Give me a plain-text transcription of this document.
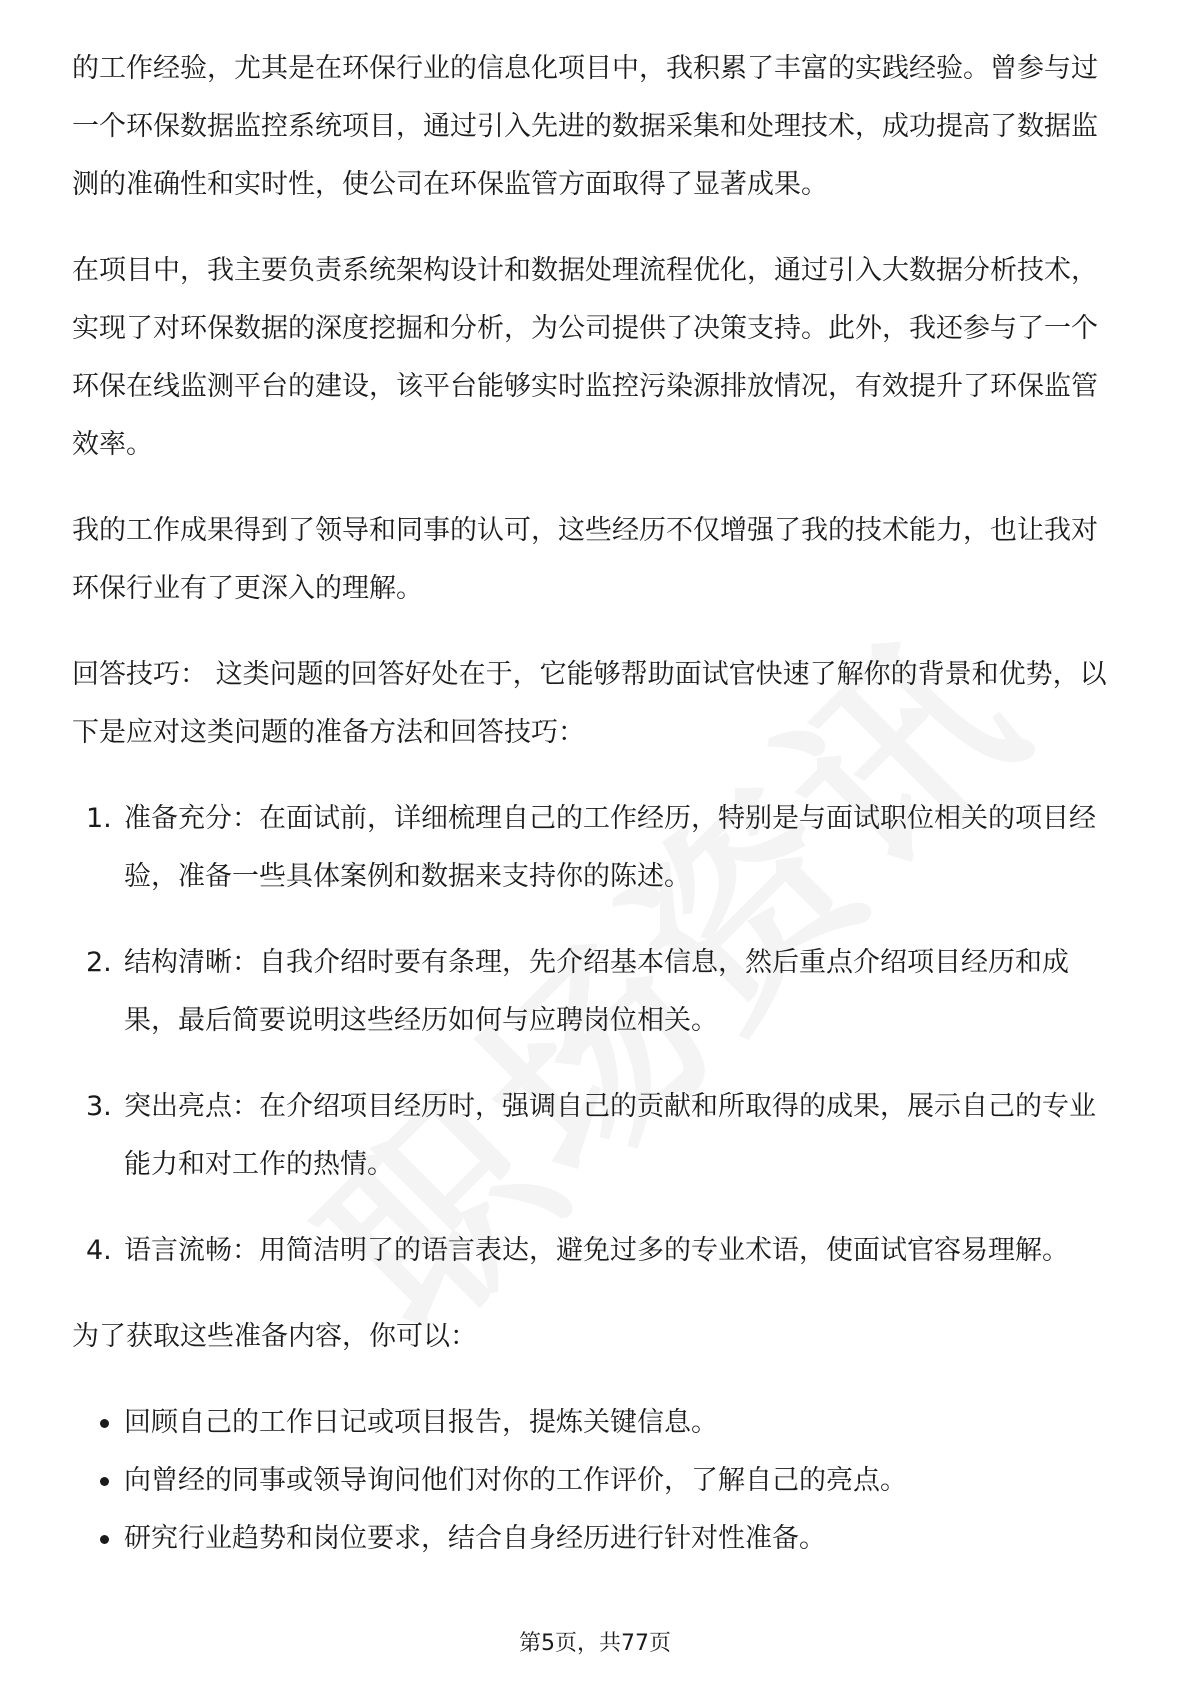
的工作经验，尤其是在环保行业的信息化项目中，我积累了丰富的实践经验。曾参与过一个环保数据监控系统项目，通过引入先进的数据采集和处理技术，成功提高了数据监测的准确性和实时性，使公司在环保监管方面取得了显著成果。

在项目中，我主要负责系统架构设计和数据处理流程优化，通过引入大数据分析技术，实现了对环保数据的深度挖掘和分析，为公司提供了决策支持。此外，我还参与了一个环保在线监测平台的建设，该平台能够实时监控污染源排放情况，有效提升了环保监管效率。

我的工作成果得到了领导和同事的认可，这些经历不仅增强了我的技术能力，也让我对环保行业有了更深入的理解。

回答技巧： 这类问题的回答好处在于，它能够帮助面试官快速了解你的背景和优势，以下是应对这类问题的准备方法和回答技巧：

1. 准备充分：在面试前，详细梳理自己的工作经历，特别是与面试职位相关的项目经验，准备一些具体案例和数据来支持你的陈述。
2. 结构清晰：自我介绍时要有条理，先介绍基本信息，然后重点介绍项目经历和成果，最后简要说明这些经历如何与应聘岗位相关。
3. 突出亮点：在介绍项目经历时，强调自己的贡献和所取得的成果，展示自己的专业能力和对工作的热情。
4. 语言流畅：用简洁明了的语言表达，避免过多的专业术语，使面试官容易理解。

为了获取这些准备内容，你可以：

回顾自己的工作日记或项目报告，提炼关键信息。
向曾经的同事或领导询问他们对你的工作评价，了解自己的亮点。
研究行业趋势和岗位要求，结合自身经历进行针对性准备。
第5页，共77页
